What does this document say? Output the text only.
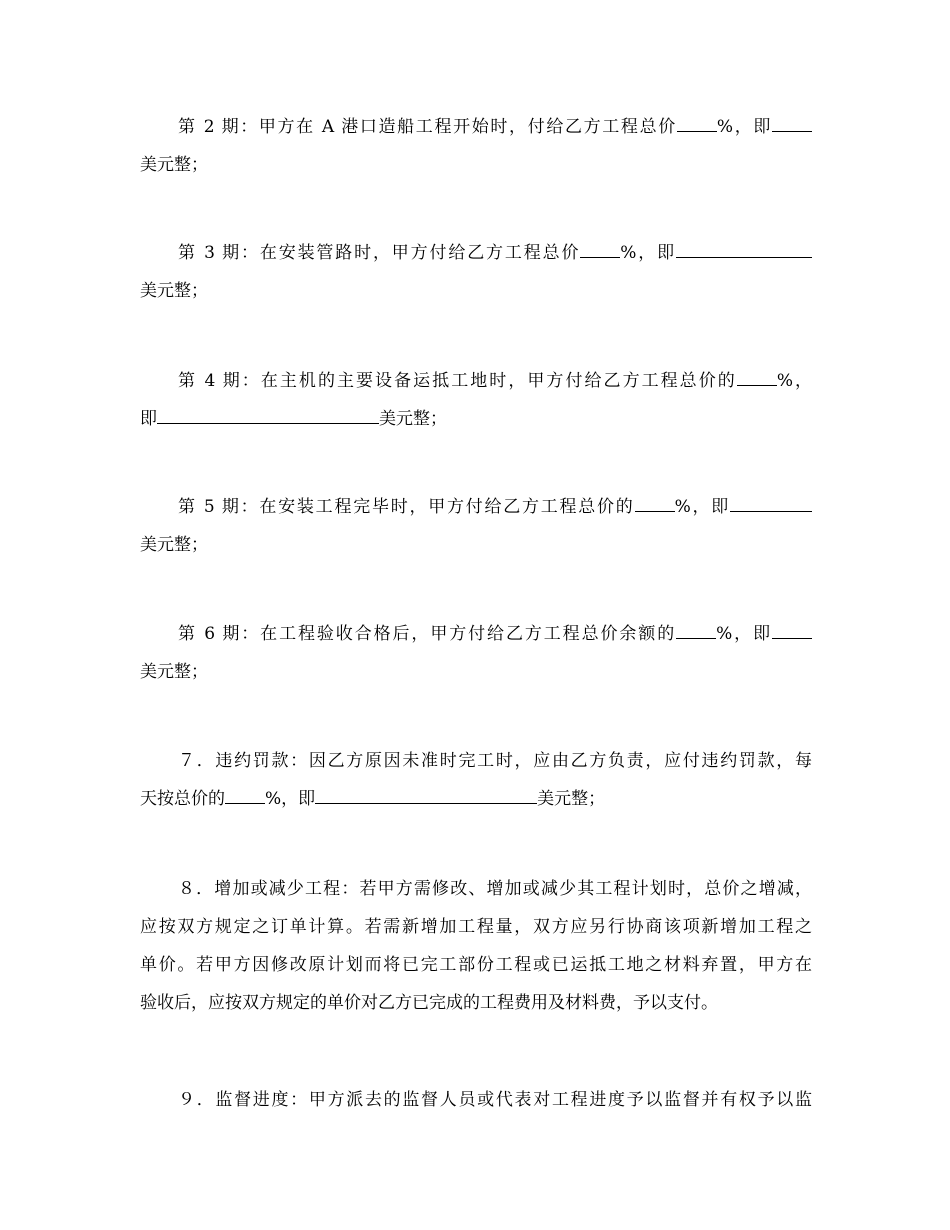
第 2 期：甲方在 A 港口造船工程开始时，付给乙方工程总价 %，即
美元整；
第 3 期：在安装管路时，甲方付给乙方工程总价 %，即
美元整；
第 4 期：在主机的主要设备运抵工地时，甲方付给乙方工程总价的 %，
即	美元整；
第 5 期：在安装工程完毕时，甲方付给乙方工程总价的 %，即
美元整；
第 6 期：在工程验收合格后，甲方付给乙方工程总价余额的 %，即
美元整；
７．违约罚款：因乙方原因未准时完工时，应由乙方负责，应付违约罚款，每
天按总价的 %，即	美元整；
８．增加或减少工程：若甲方需修改、增加或减少其工程计划时，总价之增减，
应按双方规定之订单计算。若需新增加工程量，双方应另行协商该项新增加工程之
单价。若甲方因修改原计划而将已完工部份工程或已运抵工地之材料弃置，甲方在
验收后，应按双方规定的单价对乙方已完成的工程费用及材料费，予以支付。
９．监督进度：甲方派去的监督人员或代表对工程进度予以监督并有权予以监
